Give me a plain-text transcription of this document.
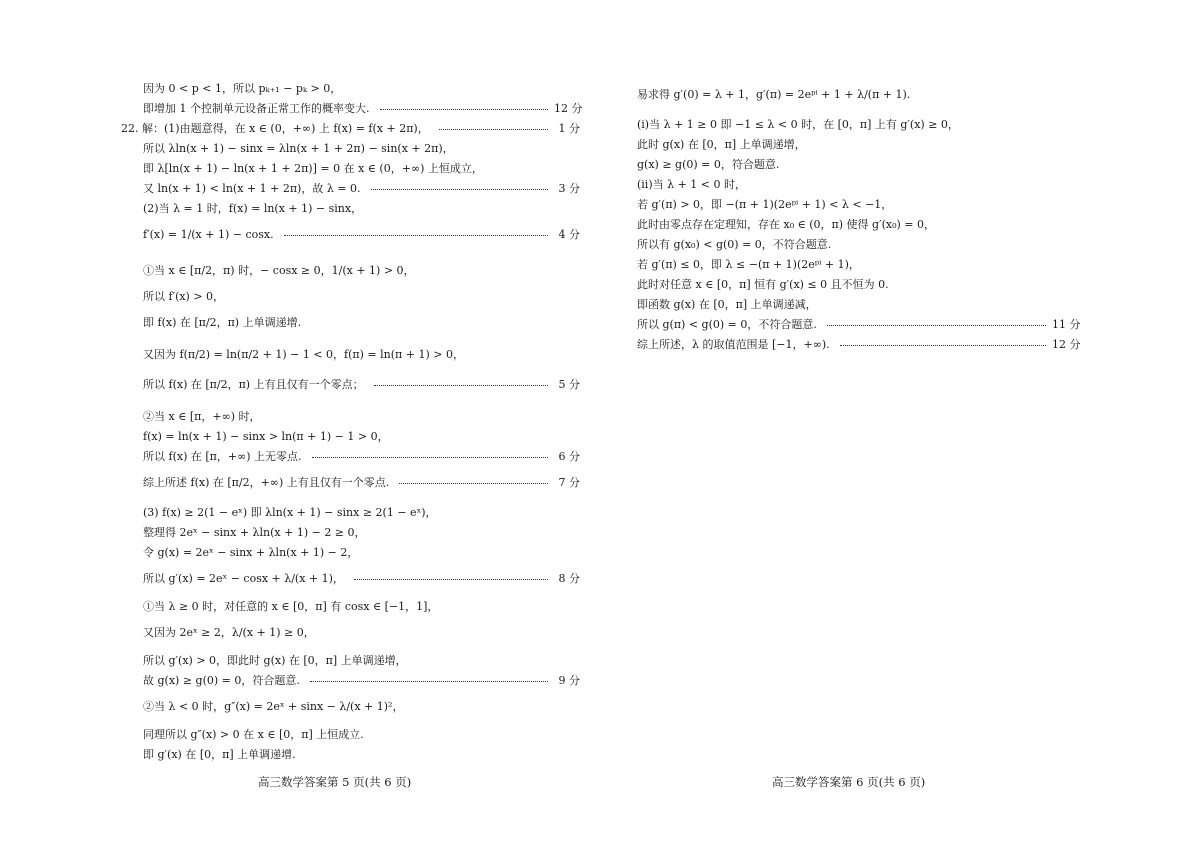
因为 0 < p < 1，所以 pₖ₊₁ − pₖ > 0，
即增加 1 个控制单元设备正常工作的概率变大.	12 分
22. 解：(1)由题意得，在 x ∈ (0，+∞) 上 f(x) = f(x + 2π)，	1 分
所以 λln(x + 1) − sinx = λln(x + 1 + 2π) − sin(x + 2π)，
即 λ[ln(x + 1) − ln(x + 1 + 2π)] = 0 在 x ∈ (0，+∞) 上恒成立，
又 ln(x + 1) < ln(x + 1 + 2π)，故 λ = 0.	3 分
(2)当 λ = 1 时，f(x) = ln(x + 1) − sinx，
f′(x) = 1/(x + 1) − cosx.	4 分
①当 x ∈ [π/2，π) 时，− cosx ≥ 0，1/(x + 1) > 0，
所以 f′(x) > 0，
即 f(x) 在 [π/2，π) 上单调递增.
又因为 f(π/2) = ln(π/2 + 1) − 1 < 0，f(π) = ln(π + 1) > 0，
所以 f(x) 在 [π/2，π) 上有且仅有一个零点；	5 分
②当 x ∈ [π，+∞) 时，
f(x) = ln(x + 1) − sinx > ln(π + 1) − 1 > 0，
所以 f(x) 在 [π，+∞) 上无零点.	6 分
综上所述 f(x) 在 [π/2，+∞) 上有且仅有一个零点.	7 分
(3) f(x) ≥ 2(1 − eˣ) 即 λln(x + 1) − sinx ≥ 2(1 − eˣ)，
整理得 2eˣ − sinx + λln(x + 1) − 2 ≥ 0，
令 g(x) = 2eˣ − sinx + λln(x + 1) − 2，
所以 g′(x) = 2eˣ − cosx + λ/(x + 1)，	8 分
①当 λ ≥ 0 时，对任意的 x ∈ [0，π] 有 cosx ∈ [−1，1]，
又因为 2eˣ ≥ 2，λ/(x + 1) ≥ 0，
所以 g′(x) > 0，即此时 g(x) 在 [0，π] 上单调递增，
故 g(x) ≥ g(0) = 0，符合题意.	9 分
②当 λ < 0 时，g″(x) = 2eˣ + sinx − λ/(x + 1)²，
同理所以 g″(x) > 0 在 x ∈ [0，π] 上恒成立.
即 g′(x) 在 [0，π] 上单调递增.
高三数学答案第 5 页(共 6 页)
易求得 g′(0) = λ + 1，g′(π) = 2eᵖⁱ + 1 + λ/(π + 1).
(ⅰ)当 λ + 1 ≥ 0 即 −1 ≤ λ < 0 时，在 [0，π] 上有 g′(x) ≥ 0，
此时 g(x) 在 [0，π] 上单调递增，
g(x) ≥ g(0) = 0，符合题意.
(ⅱ)当 λ + 1 < 0 时，
若 g′(π) > 0，即 −(π + 1)(2eᵖⁱ + 1) < λ < −1，
此时由零点存在定理知，存在 x₀ ∈ (0，π) 使得 g′(x₀) = 0，
所以有 g(x₀) < g(0) = 0，不符合题意.
若 g′(π) ≤ 0，即 λ ≤ −(π + 1)(2eᵖⁱ + 1)，
此时对任意 x ∈ [0，π] 恒有 g′(x) ≤ 0 且不恒为 0.
即函数 g(x) 在 [0，π] 上单调递减，
所以 g(π) < g(0) = 0，不符合题意.	11 分
综上所述，λ 的取值范围是 [−1，+∞).	12 分
高三数学答案第 6 页(共 6 页)
